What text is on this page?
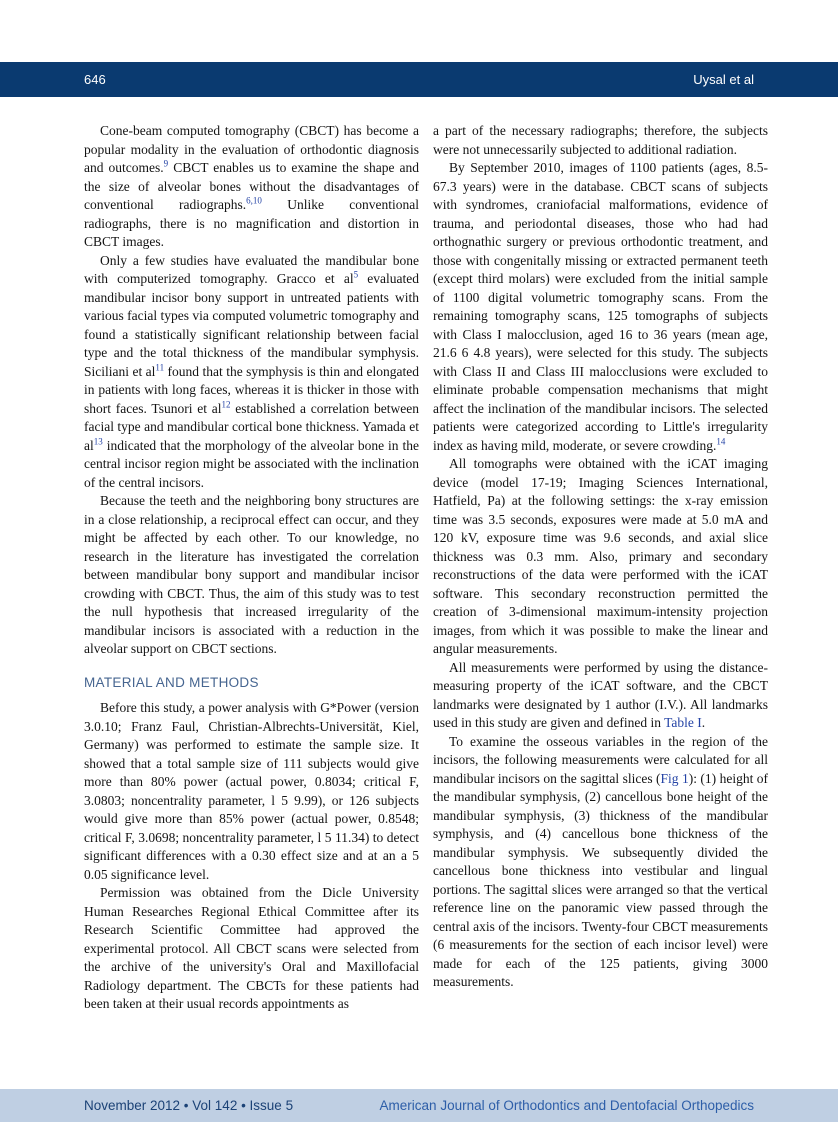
646	Uysal et al

Cone-beam computed tomography (CBCT) has become a popular modality in the evaluation of orthodontic diagnosis and outcomes.$^9$ CBCT enables us to examine the shape and the size of alveolar bones without the disadvantages of conventional radiographs.$^{6,10}$ Unlike conventional radiographs, there is no magnification and distortion in CBCT images.

Only a few studies have evaluated the mandibular bone with computerized tomography. Gracco et al$^5$ evaluated mandibular incisor bony support in untreated patients with various facial types via computed volumetric tomography and found a statistically significant relationship between facial type and the total thickness of the mandibular symphysis. Siciliani et al$^{11}$ found that the symphysis is thin and elongated in patients with long faces, whereas it is thicker in those with short faces. Tsunori et al$^{12}$ established a correlation between facial type and mandibular cortical bone thickness. Yamada et al$^{13}$ indicated that the morphology of the alveolar bone in the central incisor region might be associated with the inclination of the central incisors.

Because the teeth and the neighboring bony structures are in a close relationship, a reciprocal effect can occur, and they might be affected by each other. To our knowledge, no research in the literature has investigated the correlation between mandibular bony support and mandibular incisor crowding with CBCT. Thus, the aim of this study was to test the null hypothesis that increased irregularity of the mandibular incisors is associated with a reduction in the alveolar support on CBCT sections.

MATERIAL AND METHODS

Before this study, a power analysis with G*Power (version 3.0.10; Franz Faul, Christian-Albrechts-Universität, Kiel, Germany) was performed to estimate the sample size. It showed that a total sample size of 111 subjects would give more than 80% power (actual power, 0.8034; critical F, 3.0803; noncentrality parameter, l 5 9.99), or 126 subjects would give more than 85% power (actual power, 0.8548; critical F, 3.0698; noncentrality parameter, l 5 11.34) to detect significant differences with a 0.30 effect size and at an a 5 0.05 significance level.

Permission was obtained from the Dicle University Human Researches Regional Ethical Committee after its Research Scientific Committee had approved the experimental protocol. All CBCT scans were selected from the archive of the university's Oral and Maxillofacial Radiology department. The CBCTs for these patients had been taken at their usual records appointments as

a part of the necessary radiographs; therefore, the subjects were not unnecessarily subjected to additional radiation.

By September 2010, images of 1100 patients (ages, 8.5-67.3 years) were in the database. CBCT scans of subjects with syndromes, craniofacial malformations, evidence of trauma, and periodontal diseases, those who had had orthognathic surgery or previous orthodontic treatment, and those with congenitally missing or extracted permanent teeth (except third molars) were excluded from the initial sample of 1100 digital volumetric tomography scans. From the remaining tomography scans, 125 tomographs of subjects with Class I malocclusion, aged 16 to 36 years (mean age, 21.6 6 4.8 years), were selected for this study. The subjects with Class II and Class III malocclusions were excluded to eliminate probable compensation mechanisms that might affect the inclination of the mandibular incisors. The selected patients were categorized according to Little's irregularity index as having mild, moderate, or severe crowding.$^{14}$

All tomographs were obtained with the iCAT imaging device (model 17-19; Imaging Sciences International, Hatfield, Pa) at the following settings: the x-ray emission time was 3.5 seconds, exposures were made at 5.0 mA and 120 kV, exposure time was 9.6 seconds, and axial slice thickness was 0.3 mm. Also, primary and secondary reconstructions of the data were performed with the iCAT software. This secondary reconstruction permitted the creation of 3-dimensional maximum-intensity projection images, from which it was possible to make the linear and angular measurements.

All measurements were performed by using the distance-measuring property of the iCAT software, and the CBCT landmarks were designated by 1 author (I.V.). All landmarks used in this study are given and defined in Table I.

To examine the osseous variables in the region of the incisors, the following measurements were calculated for all mandibular incisors on the sagittal slices (Fig 1): (1) height of the mandibular symphysis, (2) cancellous bone height of the mandibular symphysis, (3) thickness of the mandibular symphysis, and (4) cancellous bone thickness of the mandibular symphysis. We subsequently divided the cancellous bone thickness into vestibular and lingual portions. The sagittal slices were arranged so that the vertical reference line on the panoramic view passed through the central axis of the incisors. Twenty-four CBCT measurements (6 measurements for the section of each incisor level) were made for each of the 125 patients, giving 3000 measurements.

November 2012 • Vol 142 • Issue 5	American Journal of Orthodontics and Dentofacial Orthopedics
